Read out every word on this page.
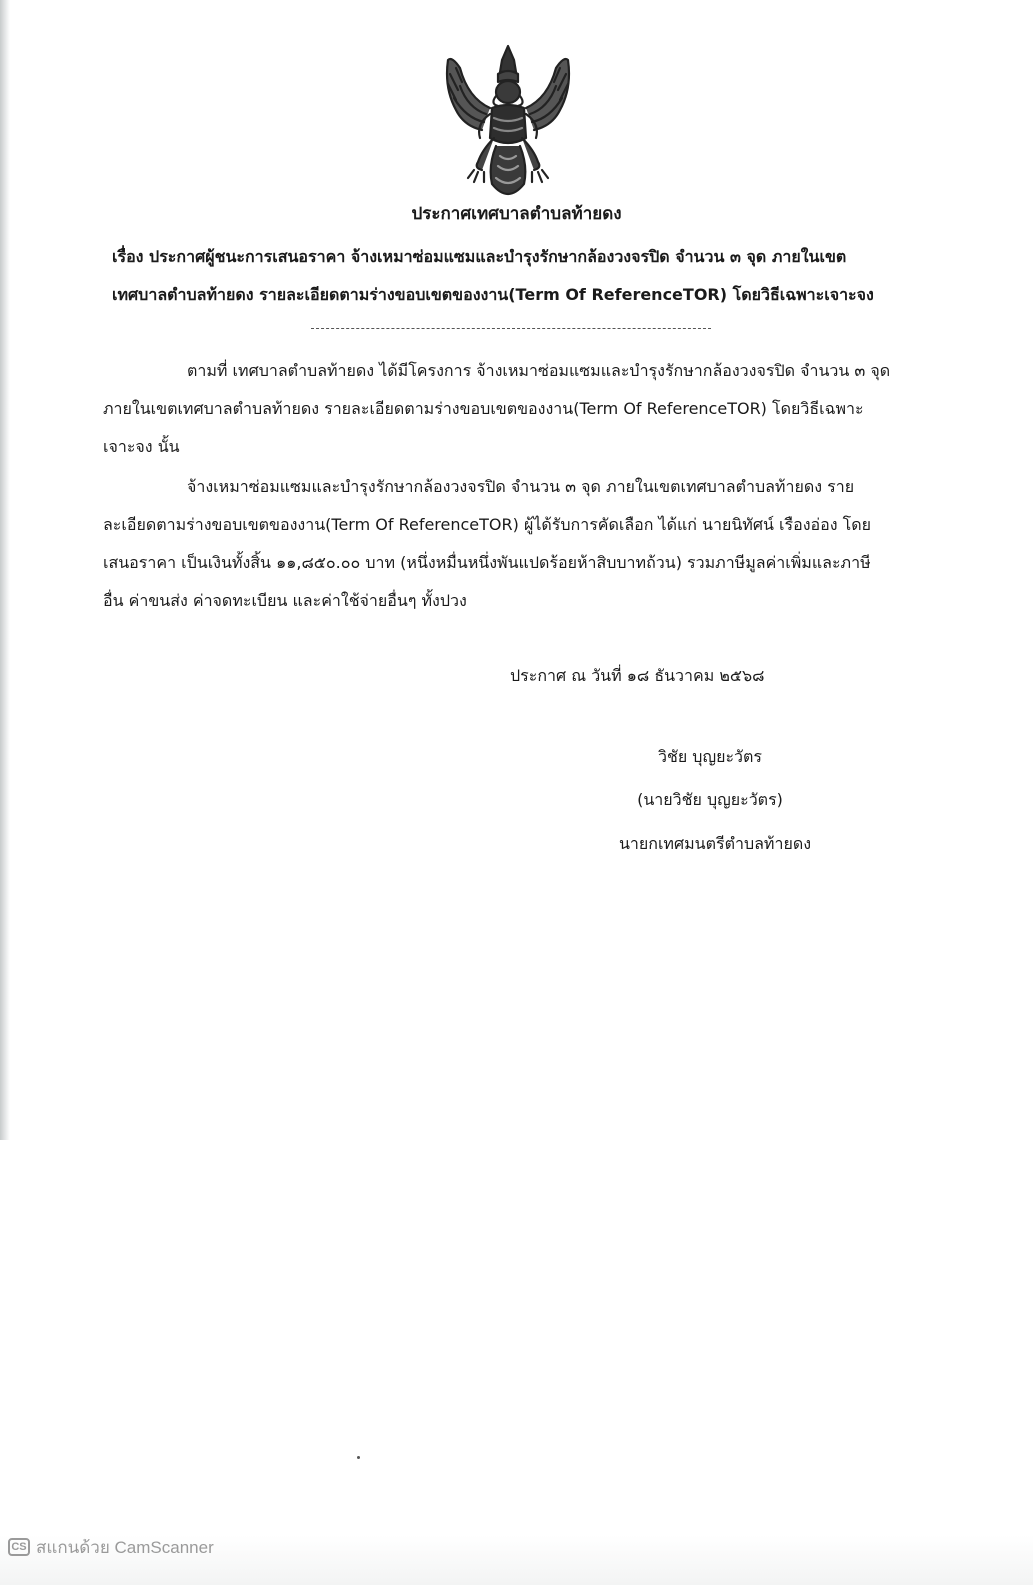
ประกาศเทศบาลตำบลท้ายดง
เรื่อง ประกาศผู้ชนะการเสนอราคา จ้างเหมาซ่อมแซมและบำรุงรักษากล้องวงจรปิด จำนวน ๓ จุด ภายในเขต
เทศบาลตำบลท้ายดง รายละเอียดตามร่างขอบเขตของงาน(Term Of ReferenceTOR) โดยวิธีเฉพาะเจาะจง
ตามที่ เทศบาลตำบลท้ายดง ได้มีโครงการ จ้างเหมาซ่อมแซมและบำรุงรักษากล้องวงจรปิด จำนวน ๓ จุด
ภายในเขตเทศบาลตำบลท้ายดง รายละเอียดตามร่างขอบเขตของงาน(Term Of ReferenceTOR) โดยวิธีเฉพาะ
เจาะจง นั้น
จ้างเหมาซ่อมแซมและบำรุงรักษากล้องวงจรปิด จำนวน ๓ จุด ภายในเขตเทศบาลตำบลท้ายดง ราย
ละเอียดตามร่างขอบเขตของงาน(Term Of ReferenceTOR) ผู้ได้รับการคัดเลือก ได้แก่ นายนิทัศน์ เรืองอ่อง โดย
เสนอราคา เป็นเงินทั้งสิ้น ๑๑,๘๕๐.๐๐ บาท (หนึ่งหมื่นหนึ่งพันแปดร้อยห้าสิบบาทถ้วน) รวมภาษีมูลค่าเพิ่มและภาษี
อื่น ค่าขนส่ง ค่าจดทะเบียน และค่าใช้จ่ายอื่นๆ ทั้งปวง
ประกาศ ณ วันที่ ๑๘ ธันวาคม ๒๕๖๘
วิชัย บุญยะวัตร
(นายวิชัย บุญยะวัตร)
นายกเทศมนตรีตำบลท้ายดง
CS สแกนด้วย CamScanner
